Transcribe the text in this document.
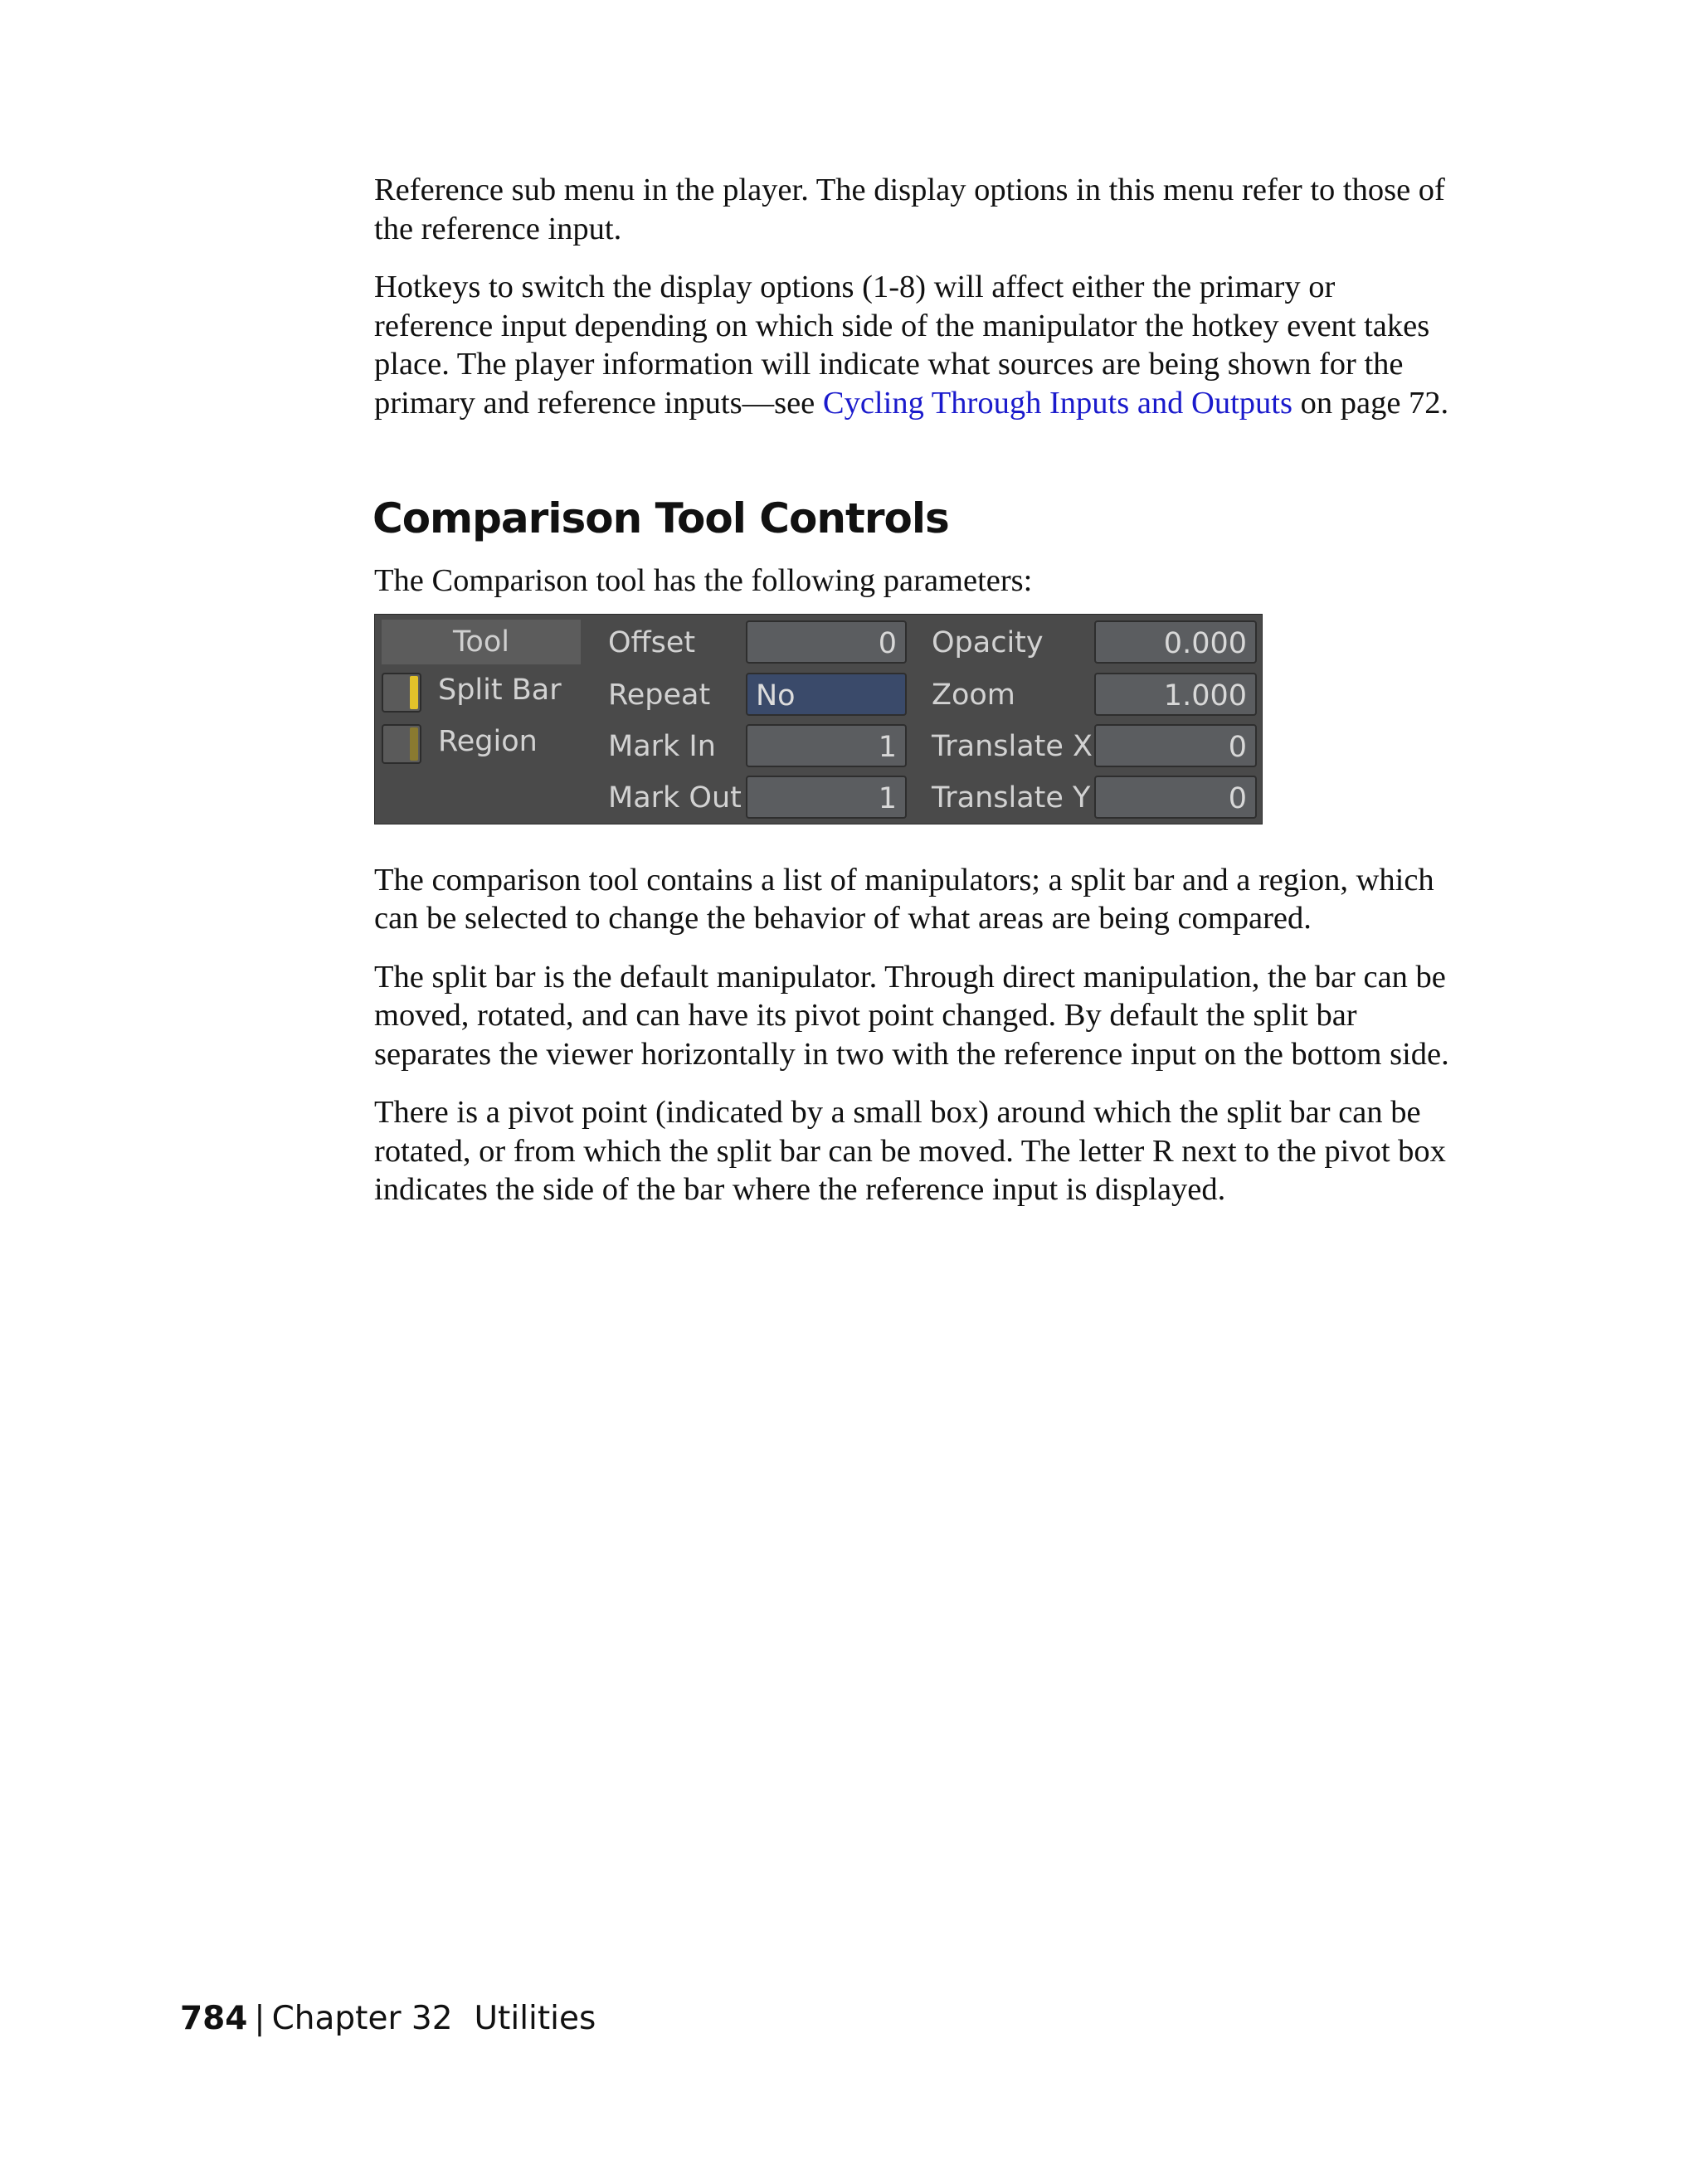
Reference sub menu in the player. The display options in this menu refer to those of the reference input.

Hotkeys to switch the display options (1-8) will affect either the primary or reference input depending on which side of the manipulator the hotkey event takes place. The player information will indicate what sources are being shown for the primary and reference inputs—see Cycling Through Inputs and Outputs on page 72.

Comparison Tool Controls

The Comparison tool has the following parameters:

Tool
Split Bar
Region
Offset
Repeat
Mark In
Mark Out
0
No
1
1
Opacity
Zoom
Translate X
Translate Y
0.000
1.000
0
0

The comparison tool contains a list of manipulators; a split bar and a region, which can be selected to change the behavior of what areas are being compared.

The split bar is the default manipulator. Through direct manipulation, the bar can be moved, rotated, and can have its pivot point changed. By default the split bar separates the viewer horizontally in two with the reference input on the bottom side.

There is a pivot point (indicated by a small box) around which the split bar can be rotated, or from which the split bar can be moved. The letter R next to the pivot box indicates the side of the bar where the reference input is displayed.

784 | Chapter 32 Utilities
